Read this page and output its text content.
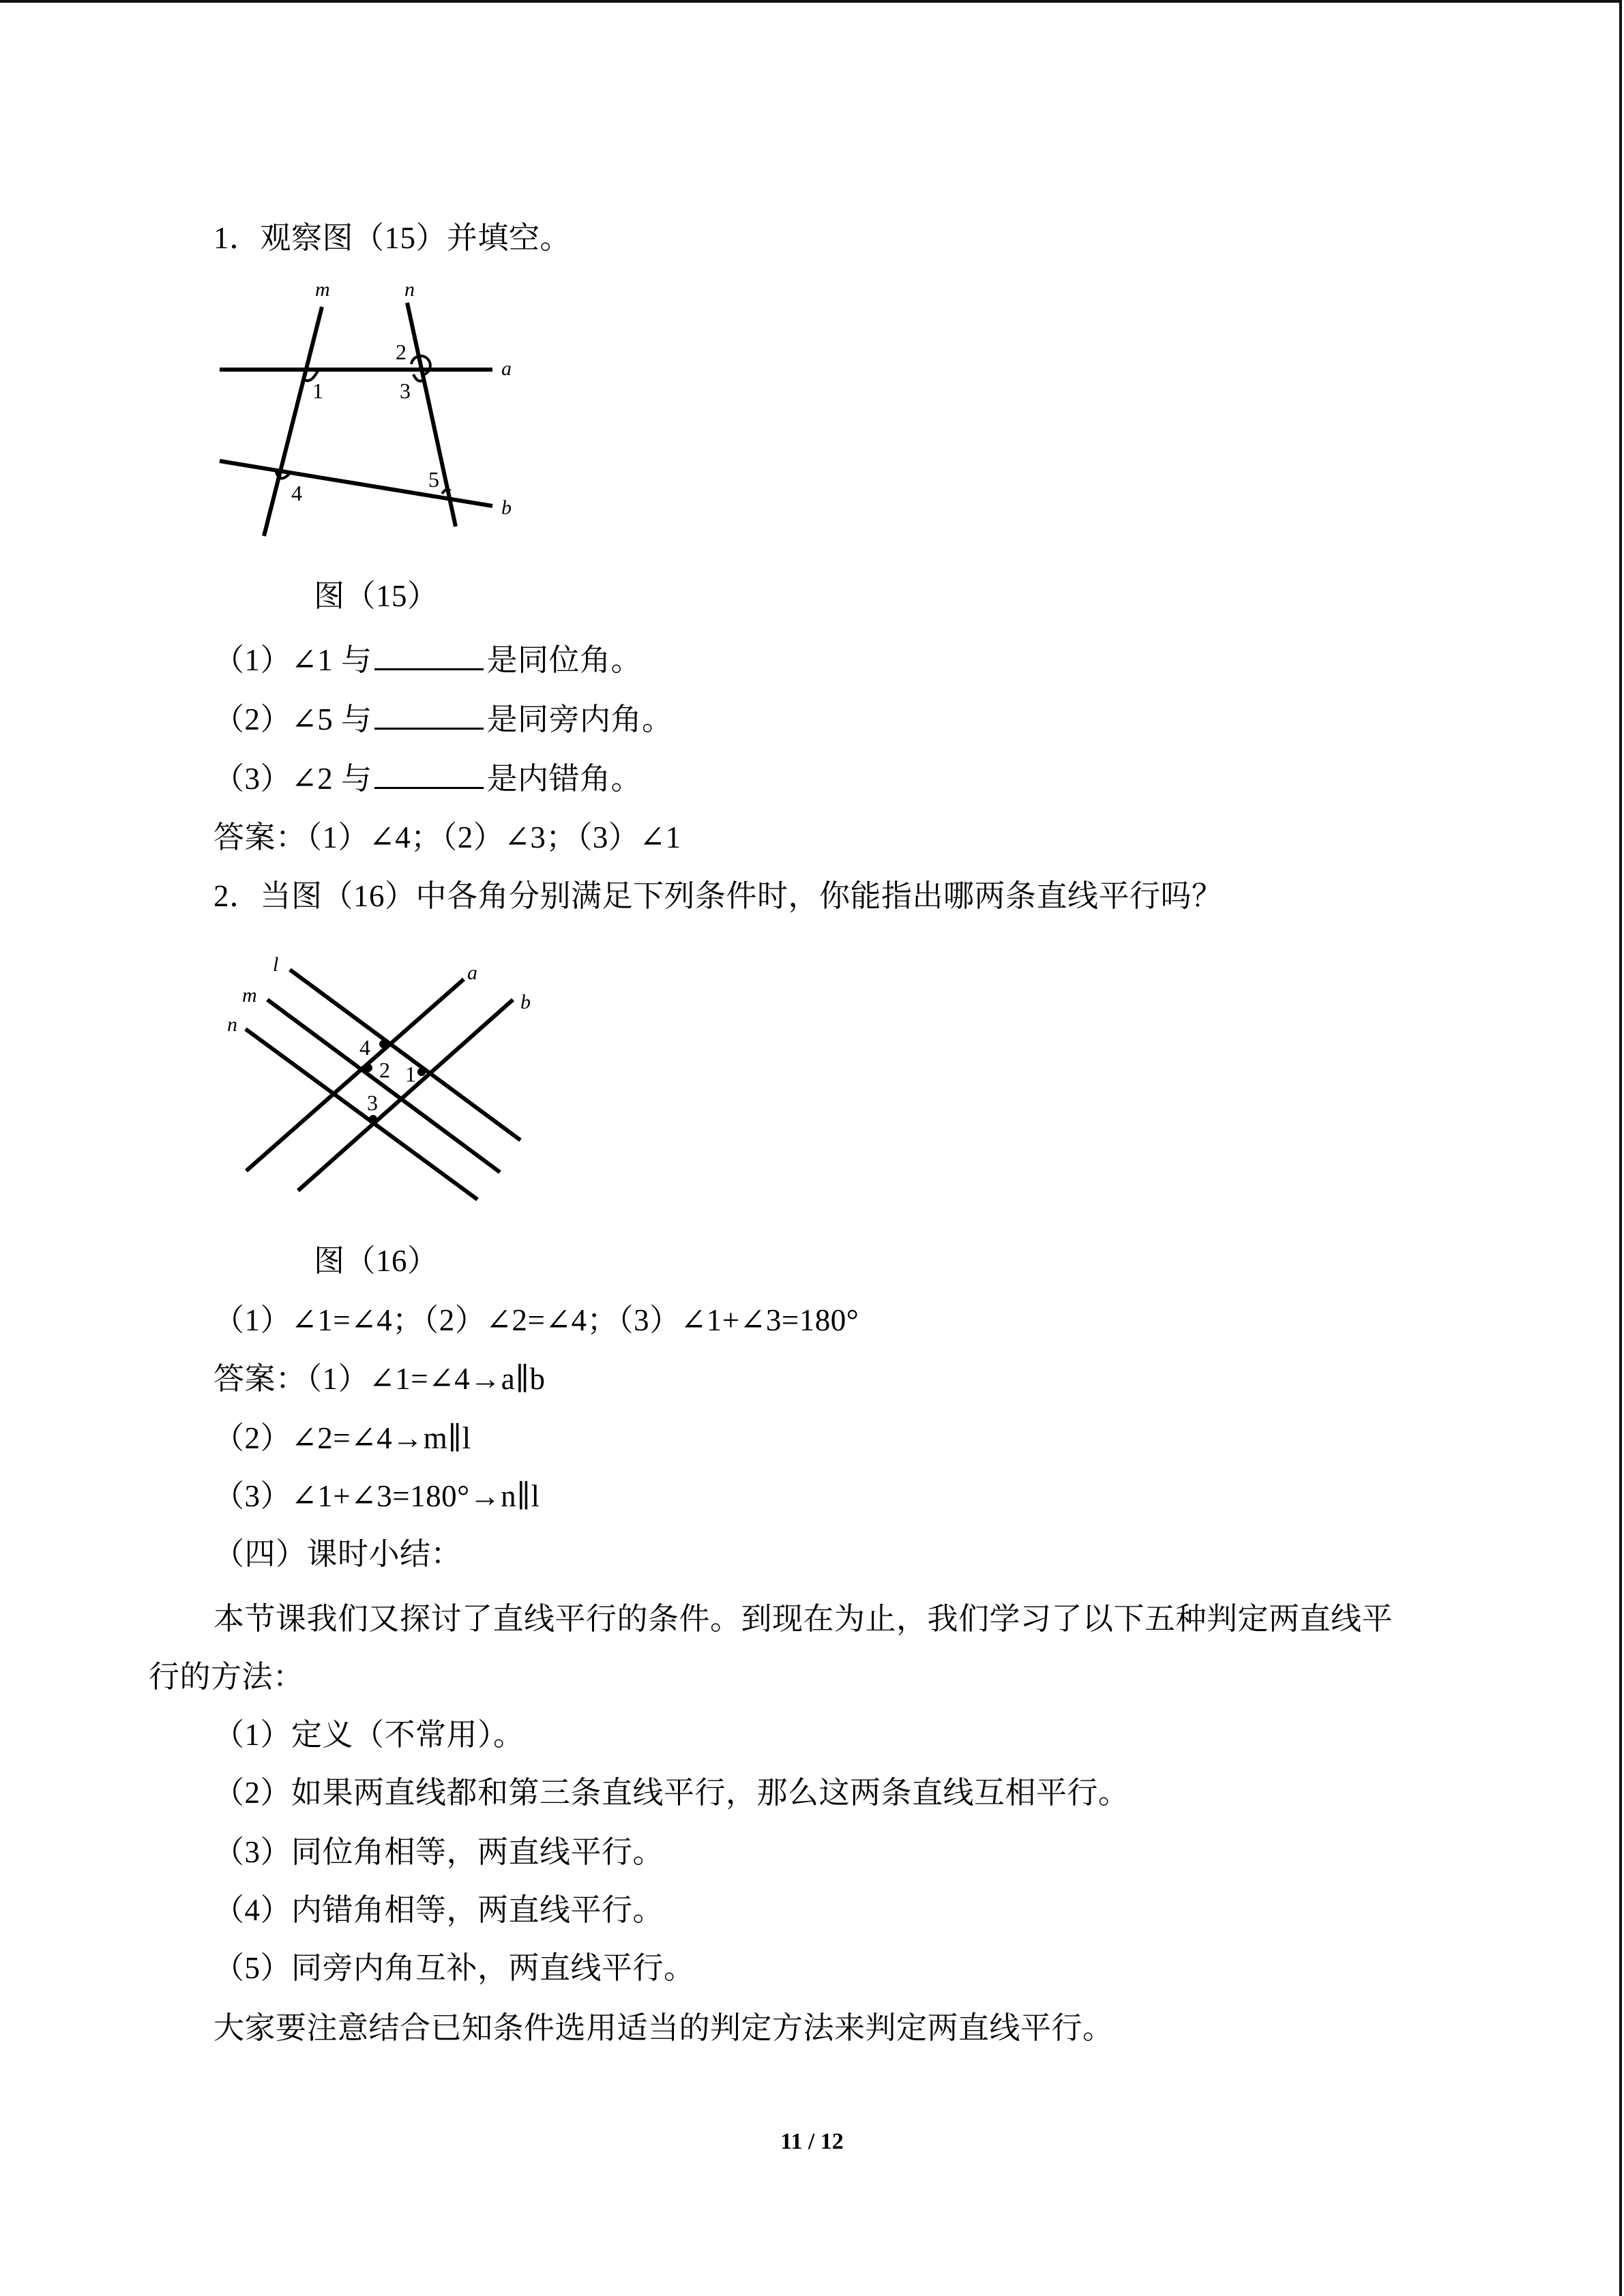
1．观察图（15）并填空。
1
2
3
4
5
m	n
a
b
图（15）
（1）∠1 与	是同位角。
（2）∠5 与	是同旁内角。
（3）∠2 与	是内错角。
答案：（1）∠4；（2）∠3；（3）∠1
2．当图（16）中各角分别满足下列条件时，你能指出哪两条直线平行吗？
4
2 1
3
l
m
n
a
b
图（16）
（1）∠1=∠4；（2）∠2=∠4；（3）∠1+∠3=180°
答案：（1）∠1=∠4→a∥b
（2）∠2=∠4→m∥l
（3）∠1+∠3=180°→n∥l
（四）课时小结：
本节课我们又探讨了直线平行的条件。到现在为止，我们学习了以下五种判定两直线平
行的方法：
（1）定义（不常用）。
（2）如果两直线都和第三条直线平行，那么这两条直线互相平行。
（3）同位角相等，两直线平行。
（4）内错角相等，两直线平行。
（5）同旁内角互补，两直线平行。
大家要注意结合已知条件选用适当的判定方法来判定两直线平行。
11 / 12
